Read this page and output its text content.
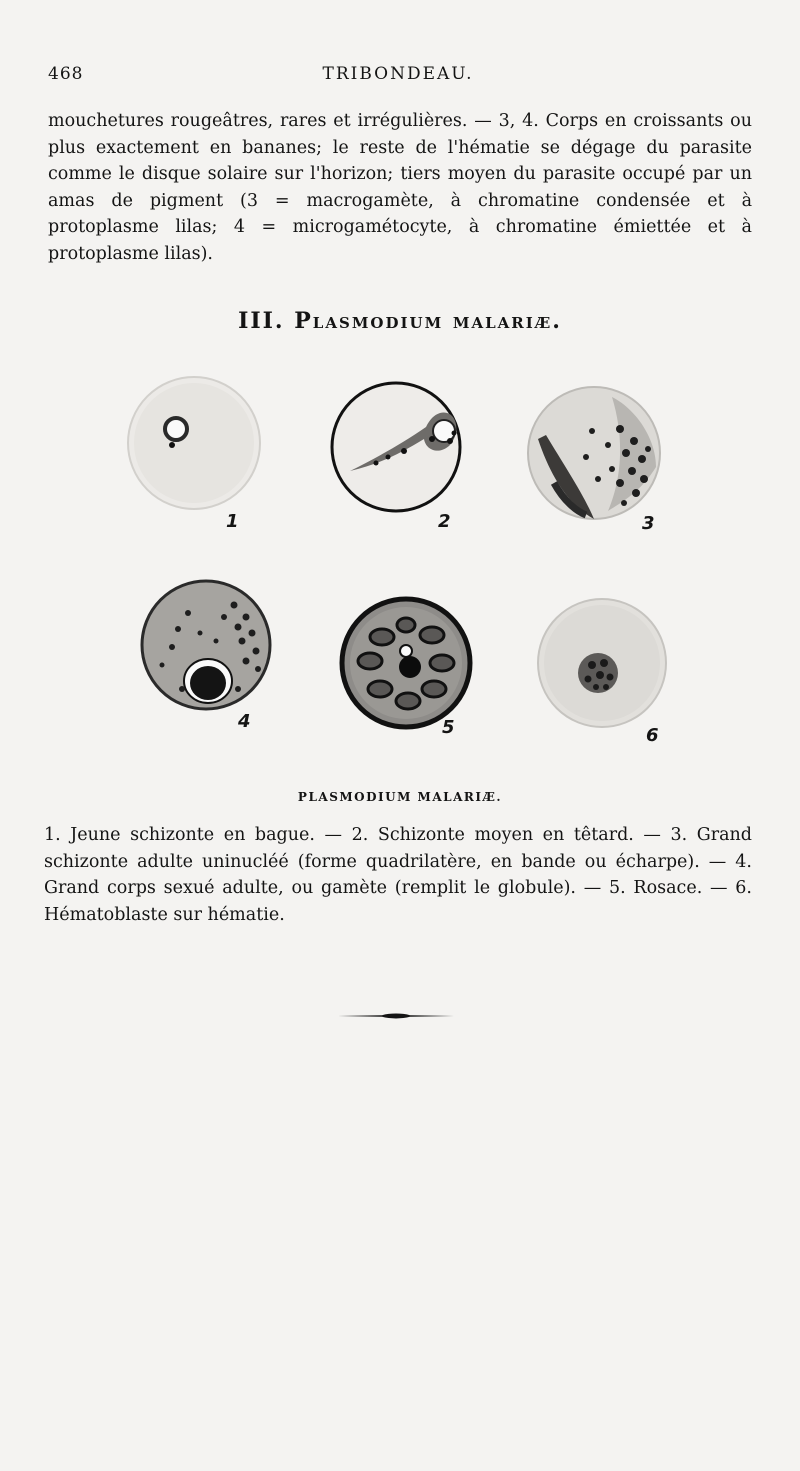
468	TRIBONDEAU.

mouchetures rougeâtres, rares et irrégulières. — 3, 4. Corps en croissants ou plus exactement en bananes; le reste de l'hématie se dégage du parasite comme le disque solaire sur l'horizon; tiers moyen du parasite occupé par un amas de pigment (3 = macrogamète, à chromatine condensée et à protoplasme lilas; 4 = microgamétocyte, à chromatine émiettée et à protoplasme lilas).

III. Plasmodium malariæ.
1	2	3
4	5	6

PLASMODIUM MALARIÆ.

1. Jeune schizonte en bague. — 2. Schizonte moyen en têtard. — 3. Grand schizonte adulte uninucléé (forme quadrilatère, en bande ou écharpe). — 4. Grand corps sexué adulte, ou gamète (remplit le globule). — 5. Rosace. — 6. Hématoblaste sur hématie.
